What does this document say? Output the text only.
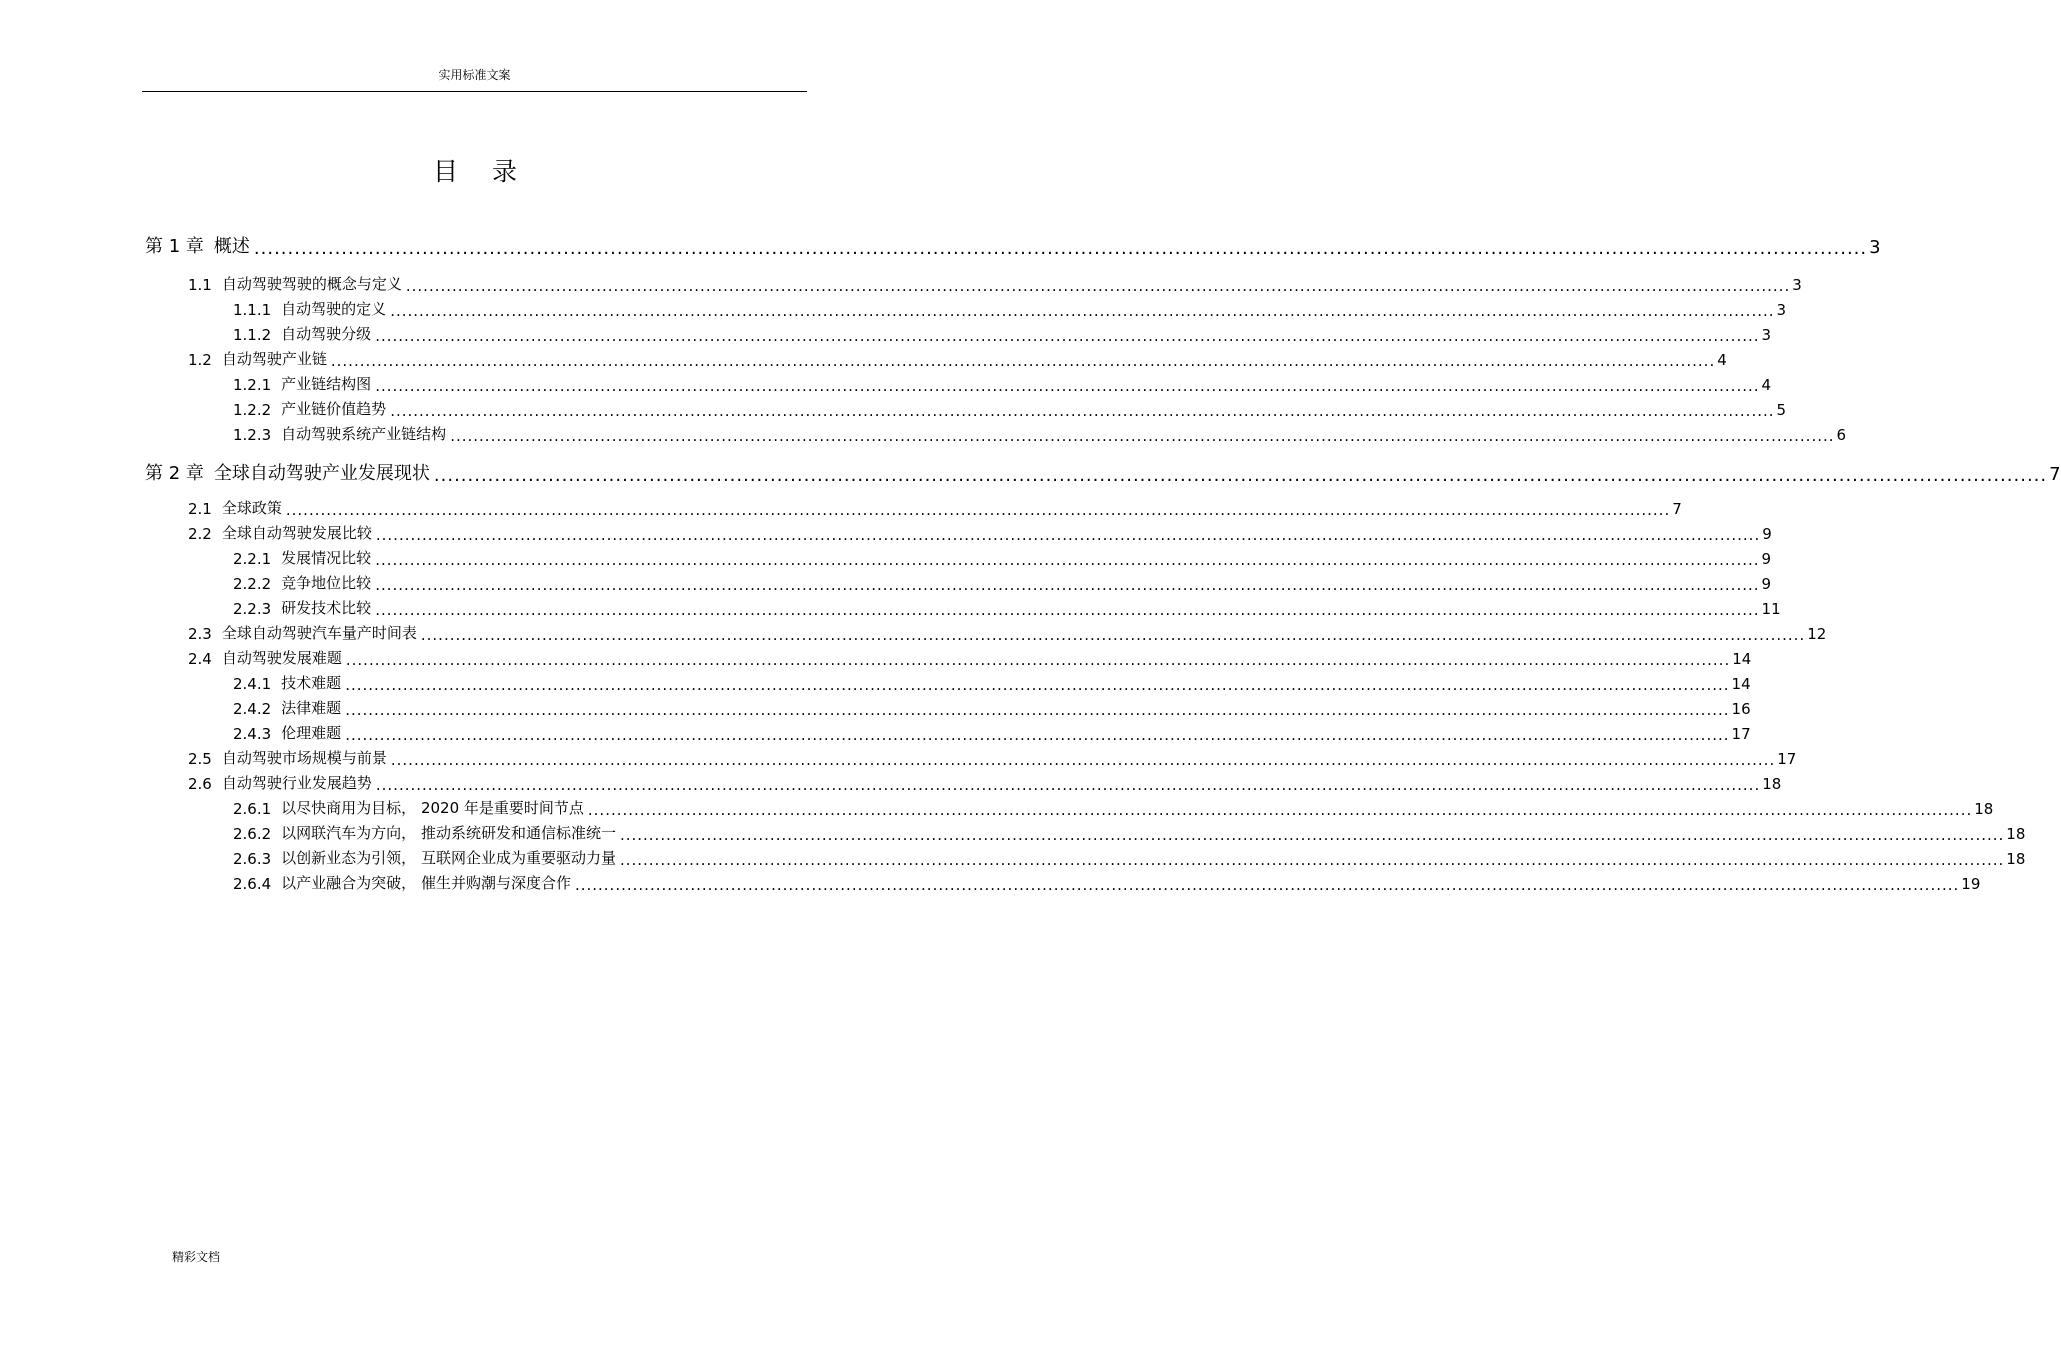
实用标准文案
目录
第 1 章 概述 ................................................................................................................................................................................................................................................ 3
1.1 自动驾驶驾驶的概念与定义 ................................................................................................................................................................................................................................................ 3
1.1.1 自动驾驶的定义 ................................................................................................................................................................................................................................................ 3
1.1.2 自动驾驶分级 ................................................................................................................................................................................................................................................ 3
1.2 自动驾驶产业链 ................................................................................................................................................................................................................................................ 4
1.2.1 产业链结构图 ................................................................................................................................................................................................................................................ 4
1.2.2 产业链价值趋势 ................................................................................................................................................................................................................................................ 5
1.2.3 自动驾驶系统产业链结构 ................................................................................................................................................................................................................................................ 6
第 2 章 全球自动驾驶产业发展现状 ................................................................................................................................................................................................................................................ 7
2.1 全球政策 ................................................................................................................................................................................................................................................ 7
2.2 全球自动驾驶发展比较 ................................................................................................................................................................................................................................................ 9
2.2.1 发展情况比较 ................................................................................................................................................................................................................................................ 9
2.2.2 竞争地位比较 ................................................................................................................................................................................................................................................ 9
2.2.3 研发技术比较 ................................................................................................................................................................................................................................................ 11
2.3 全球自动驾驶汽车量产时间表 ................................................................................................................................................................................................................................................ 12
2.4 自动驾驶发展难题 ................................................................................................................................................................................................................................................ 14
2.4.1 技术难题 ................................................................................................................................................................................................................................................ 14
2.4.2 法律难题 ................................................................................................................................................................................................................................................ 16
2.4.3 伦理难题 ................................................................................................................................................................................................................................................ 17
2.5 自动驾驶市场规模与前景 ................................................................................................................................................................................................................................................ 17
2.6 自动驾驶行业发展趋势 ................................................................................................................................................................................................................................................ 18
2.6.1 以尽快商用为目标， 2020 年是重要时间节点 ................................................................................................................................................................................................................................................ 18
2.6.2 以网联汽车为方向， 推动系统研发和通信标准统一 ................................................................................................................................................................................................................................................ 18
2.6.3 以创新业态为引领， 互联网企业成为重要驱动力量 ................................................................................................................................................................................................................................................ 18
2.6.4 以产业融合为突破， 催生并购潮与深度合作 ................................................................................................................................................................................................................................................ 19
精彩文档
